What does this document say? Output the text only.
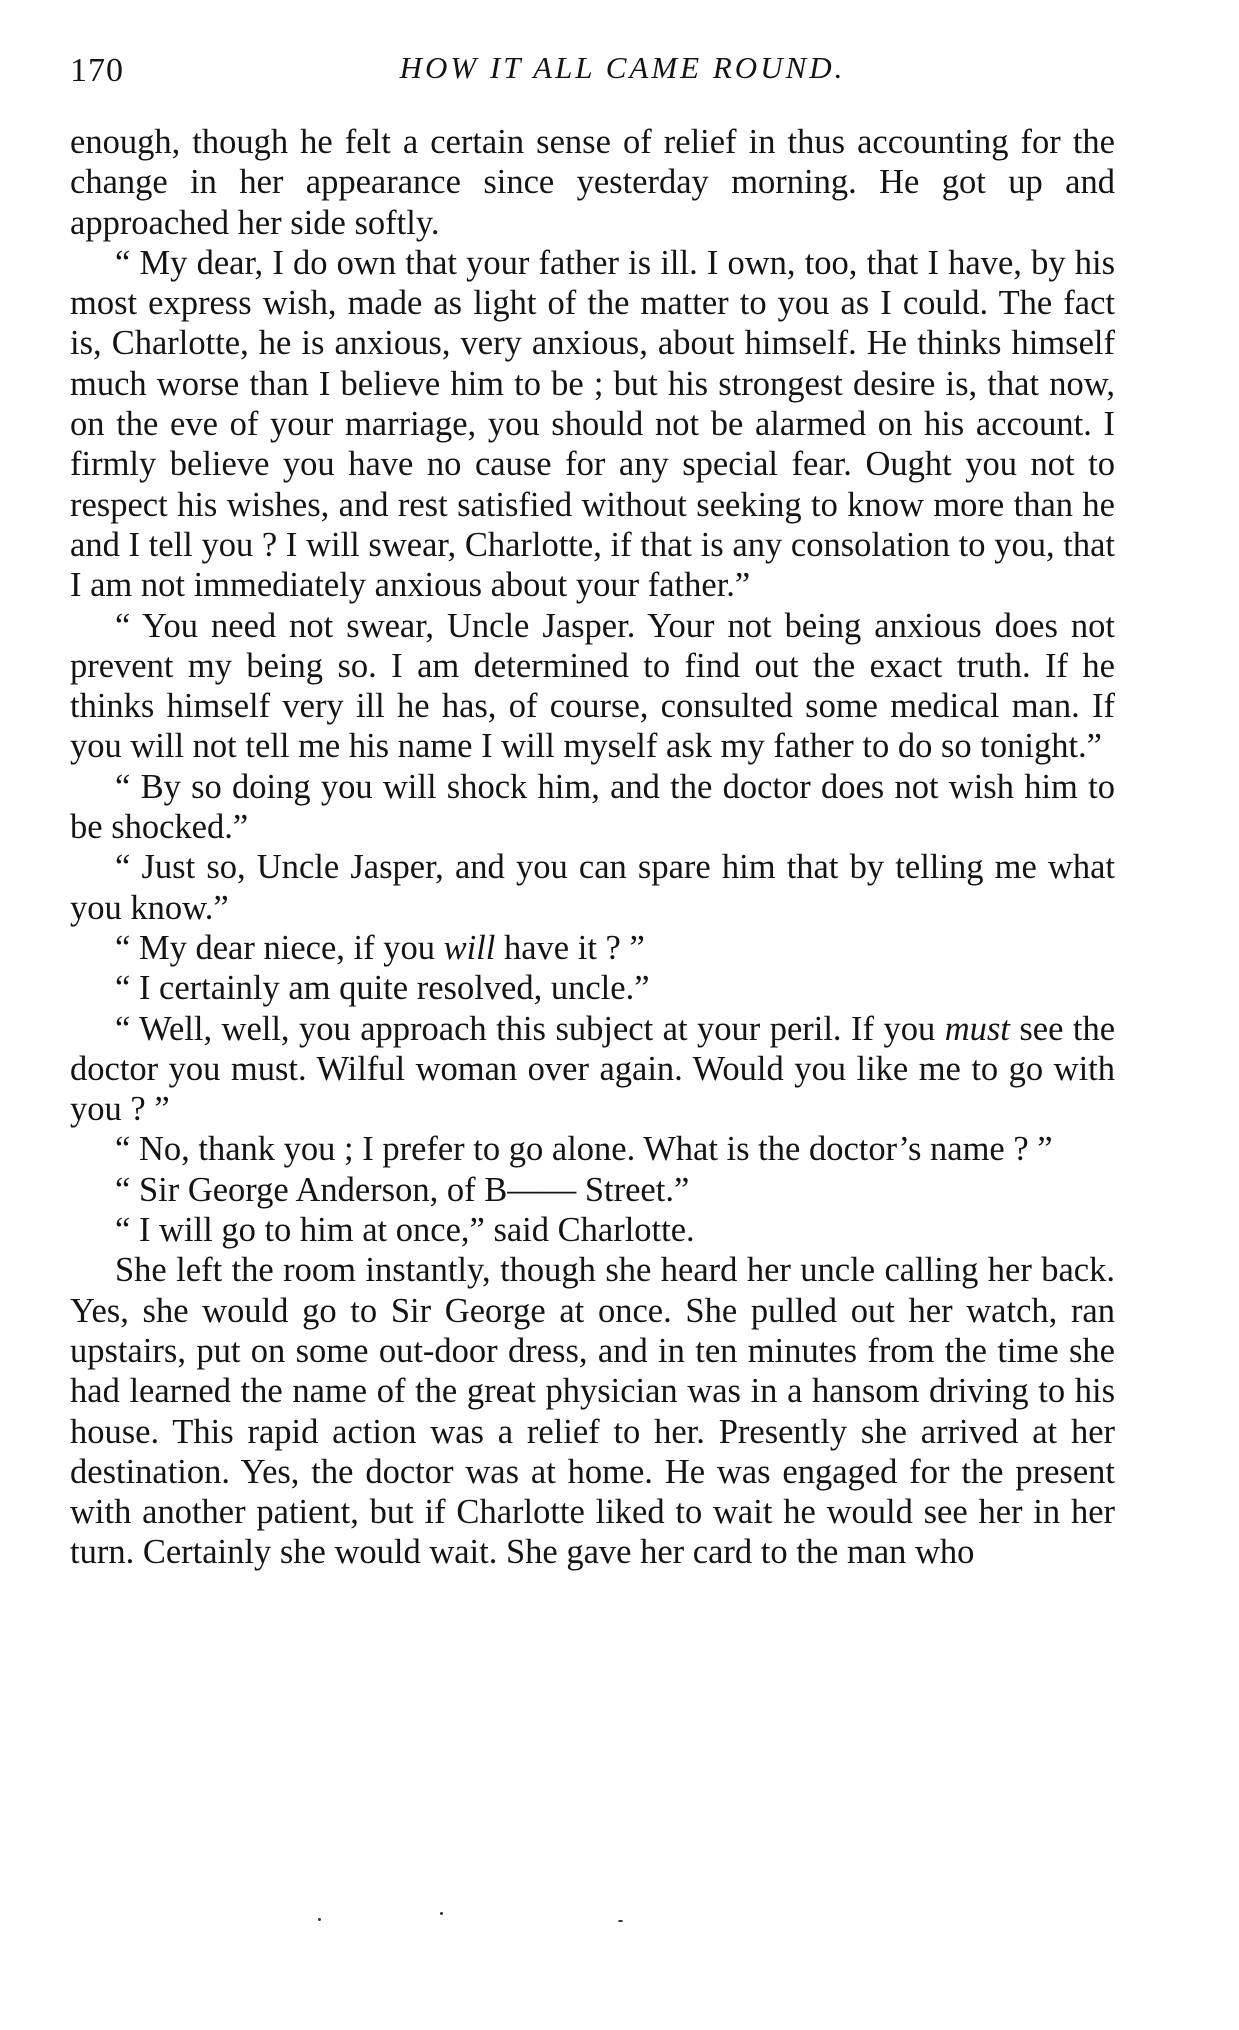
170	HOW IT ALL CAME ROUND.

enough, though he felt a certain sense of relief in thus accounting for the change in her appearance since yesterday morning. He got up and approached her side softly.

“ My dear, I do own that your father is ill. I own, too, that I have, by his most express wish, made as light of the matter to you as I could. The fact is, Charlotte, he is anxious, very anxious, about himself. He thinks himself much worse than I believe him to be ; but his strongest desire is, that now, on the eve of your marriage, you should not be alarmed on his account. I firmly believe you have no cause for any special fear. Ought you not to respect his wishes, and rest satisfied without seeking to know more than he and I tell you ? I will swear, Charlotte, if that is any consolation to you, that I am not immediately anxious about your father.”

“ You need not swear, Uncle Jasper. Your not being anxious does not prevent my being so. I am determined to find out the exact truth. If he thinks himself very ill he has, of course, consulted some medical man. If you will not tell me his name I will myself ask my father to do so tonight.”

“ By so doing you will shock him, and the doctor does not wish him to be shocked.”

“ Just so, Uncle Jasper, and you can spare him that by telling me what you know.”

“ My dear niece, if you will have it ? ”

“ I certainly am quite resolved, uncle.”

“ Well, well, you approach this subject at your peril. If you must see the doctor you must. Wilful woman over again. Would you like me to go with you ? ”

“ No, thank you ; I prefer to go alone. What is the doctor’s name ? ”

“ Sir George Anderson, of B—— Street.”

“ I will go to him at once,” said Charlotte.

She left the room instantly, though she heard her uncle calling her back. Yes, she would go to Sir George at once. She pulled out her watch, ran upstairs, put on some out-door dress, and in ten minutes from the time she had learned the name of the great physician was in a hansom driving to his house. This rapid action was a relief to her. Presently she arrived at her destination. Yes, the doctor was at home. He was engaged for the present with another patient, but if Charlotte liked to wait he would see her in her turn. Certainly she would wait. She gave her card to the man who
